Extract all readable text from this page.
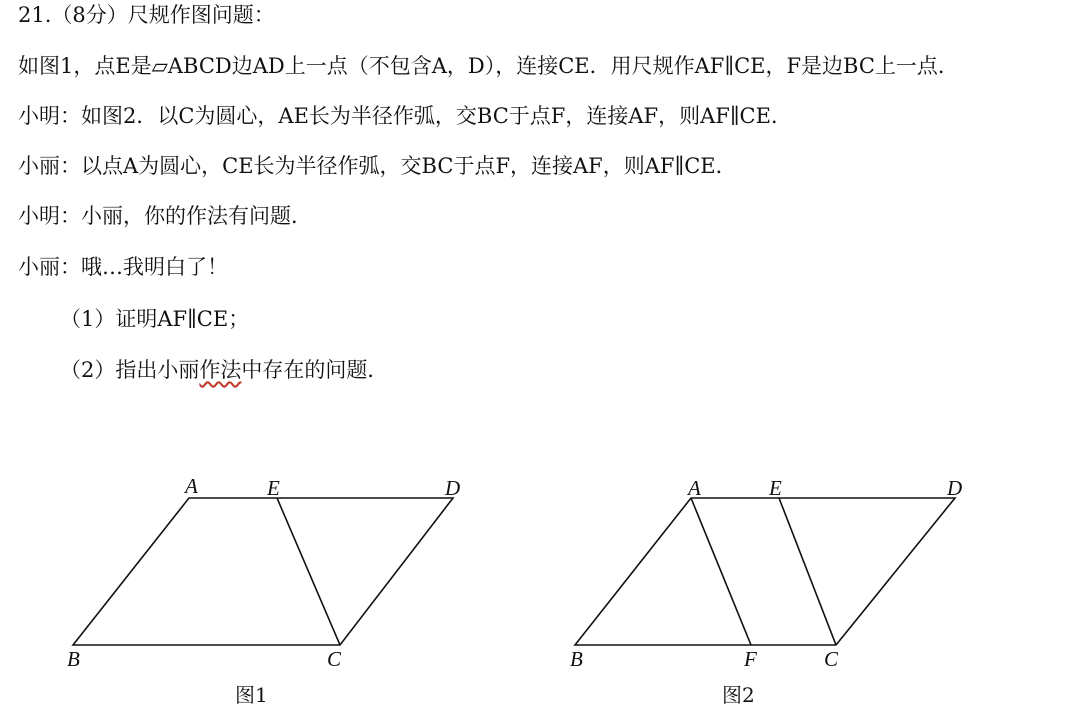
21.（8分）尺规作图问题：
如图1，点E是▱ABCD边AD上一点（不包含A，D），连接CE．用尺规作AF∥CE，F是边BC上一点．
小明：如图2．以C为圆心，AE长为半径作弧，交BC于点F，连接AF，则AF∥CE．
小丽：以点A为圆心，CE长为半径作弧，交BC于点F，连接AF，则AF∥CE．
小明：小丽，你的作法有问题．
小丽：哦…我明白了！
（1）证明AF∥CE；
（2）指出小丽作法中存在的问题．
A	E	D
B	C
图1
A	E	D
B	F	C
图2
